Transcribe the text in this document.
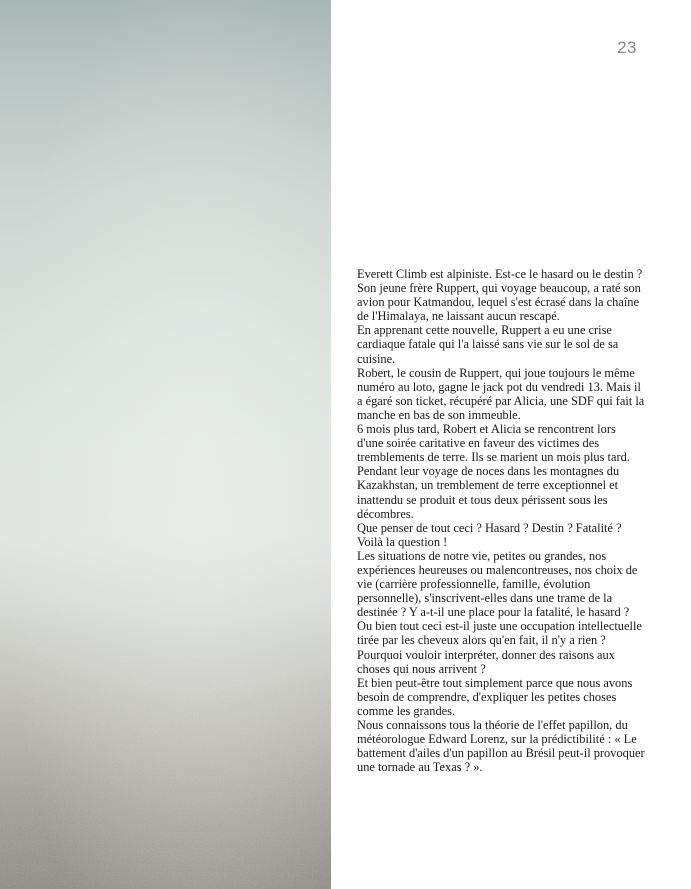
23

Everett Climb est alpiniste. Est-ce le hasard ou le destin ? Son jeune frère Ruppert, qui voyage beaucoup, a raté son avion pour Katmandou, lequel s'est écrasé dans la chaîne de l'Himalaya, ne laissant aucun rescapé.

En apprenant cette nouvelle, Ruppert a eu une crise cardiaque fatale qui l'a laissé sans vie sur le sol de sa cuisine.

Robert, le cousin de Ruppert, qui joue toujours le même numéro au loto, gagne le jack pot du vendredi 13. Mais il a égaré son ticket, récupéré par Alicia, une SDF qui fait la manche en bas de son immeuble.

6 mois plus tard, Robert et Alicia se rencontrent lors d'une soirée caritative en faveur des victimes des tremblements de terre. Ils se marient un mois plus tard.

Pendant leur voyage de noces dans les montagnes du Kazakhstan, un tremblement de terre exceptionnel et inattendu se produit et tous deux périssent sous les décombres.

Que penser de tout ceci ? Hasard ? Destin ? Fatalité ? Voilà la question !

Les situations de notre vie, petites ou grandes, nos expériences heureuses ou malencontreuses, nos choix de vie (carrière professionnelle, famille, évolution personnelle), s'inscrivent-elles dans une trame de la destinée ? Y a-t-il une place pour la fatalité, le hasard ? Ou bien tout ceci est-il juste une occupation intellectuelle tirée par les cheveux alors qu'en fait, il n'y a rien ? Pourquoi vouloir interpréter, donner des raisons aux choses qui nous arrivent ?

Et bien peut-être tout simplement parce que nous avons besoin de comprendre, d'expliquer les petites choses comme les grandes.

Nous connaissons tous la théorie de l'effet papillon, du météorologue Edward Lorenz, sur la prédictibilité : « Le battement d'ailes d'un papillon au Brésil peut-il provoquer une tornade au Texas ? ».
